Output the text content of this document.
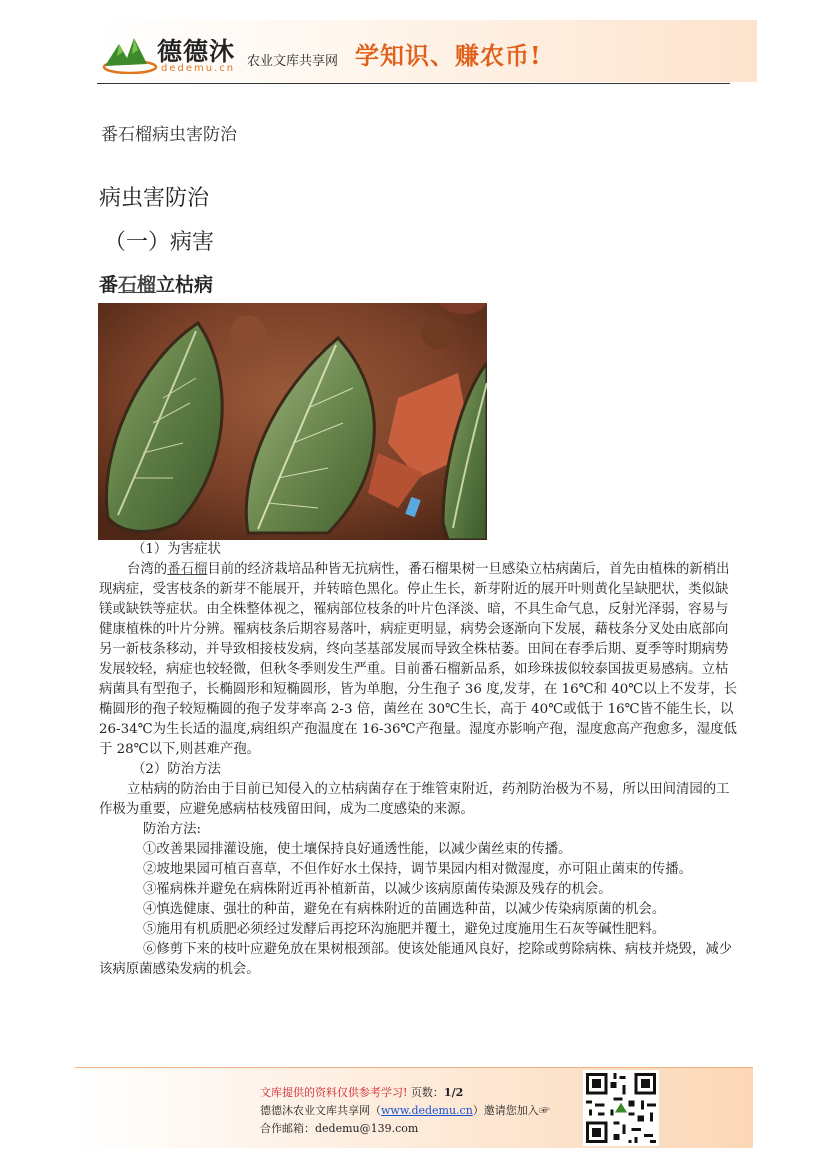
德德沐
dedemu.cn 农业文库共享网 学知识、赚农币!
番石榴病虫害防治
病虫害防治
（一）病害
番石榴立枯病

（1）为害症状

台湾的番石榴目前的经济栽培品种皆无抗病性，番石榴果树一旦感染立枯病菌后，首先由植株的新梢出现病症，受害枝条的新芽不能展开，并转暗色黑化。停止生长，新芽附近的展开叶则黄化呈缺肥状，类似缺镁或缺铁等症状。由全株整体视之，罹病部位枝条的叶片色泽淡、暗，不具生命气息，反射光泽弱，容易与健康植株的叶片分辨。罹病枝条后期容易落叶，病症更明显，病势会逐渐向下发展，藉枝条分叉处由底部向另一新枝条移动，并导致相接枝发病，终向茎基部发展而导致全株枯萎。田间在春季后期、夏季等时期病势发展较轻，病症也较轻微，但秋冬季则发生严重。目前番石榴新品系，如珍珠拔似较泰国拔更易感病。立枯病菌具有型孢子，长椭圆形和短椭圆形，皆为单胞，分生孢子 36 度,发芽，在 16℃和 40℃以上不发芽，长椭圆形的孢子较短椭圆的孢子发芽率高 2-3 倍，菌丝在 30℃生长，高于 40℃或低于 16℃皆不能生长，以 26-34℃为生长适的温度,病组织产孢温度在 16-36℃产孢量。湿度亦影响产孢，湿度愈高产孢愈多，湿度低于 28℃以下,则甚难产孢。

（2）防治方法

立枯病的防治由于目前已知侵入的立枯病菌存在于维管束附近，药剂防治极为不易，所以田间清园的工作极为重要，应避免感病枯枝残留田间，成为二度感染的来源。

防治方法:

①改善果园排灌设施，使土壤保持良好通透性能，以减少菌丝束的传播。

②坡地果园可植百喜草，不但作好水土保持，调节果园内相对微湿度，亦可阻止菌束的传播。

③罹病株并避免在病株附近再补植新苗，以减少该病原菌传染源及残存的机会。

④慎选健康、强壮的种苗，避免在有病株附近的苗圃选种苗，以减少传染病原菌的机会。

⑤施用有机质肥必须经过发酵后再挖环沟施肥并覆土，避免过度施用生石灰等碱性肥料。

⑥修剪下来的枝叶应避免放在果树根颈部。使该处能通风良好，挖除或剪除病株、病枝并烧毁，减少该病原菌感染发病的机会。

文库提供的资料仅供参考学习! 页数：1/2
德德沐农业文库共享网（www.dedemu.cn）邀请您加入☞
合作邮箱：dedemu@139.com
